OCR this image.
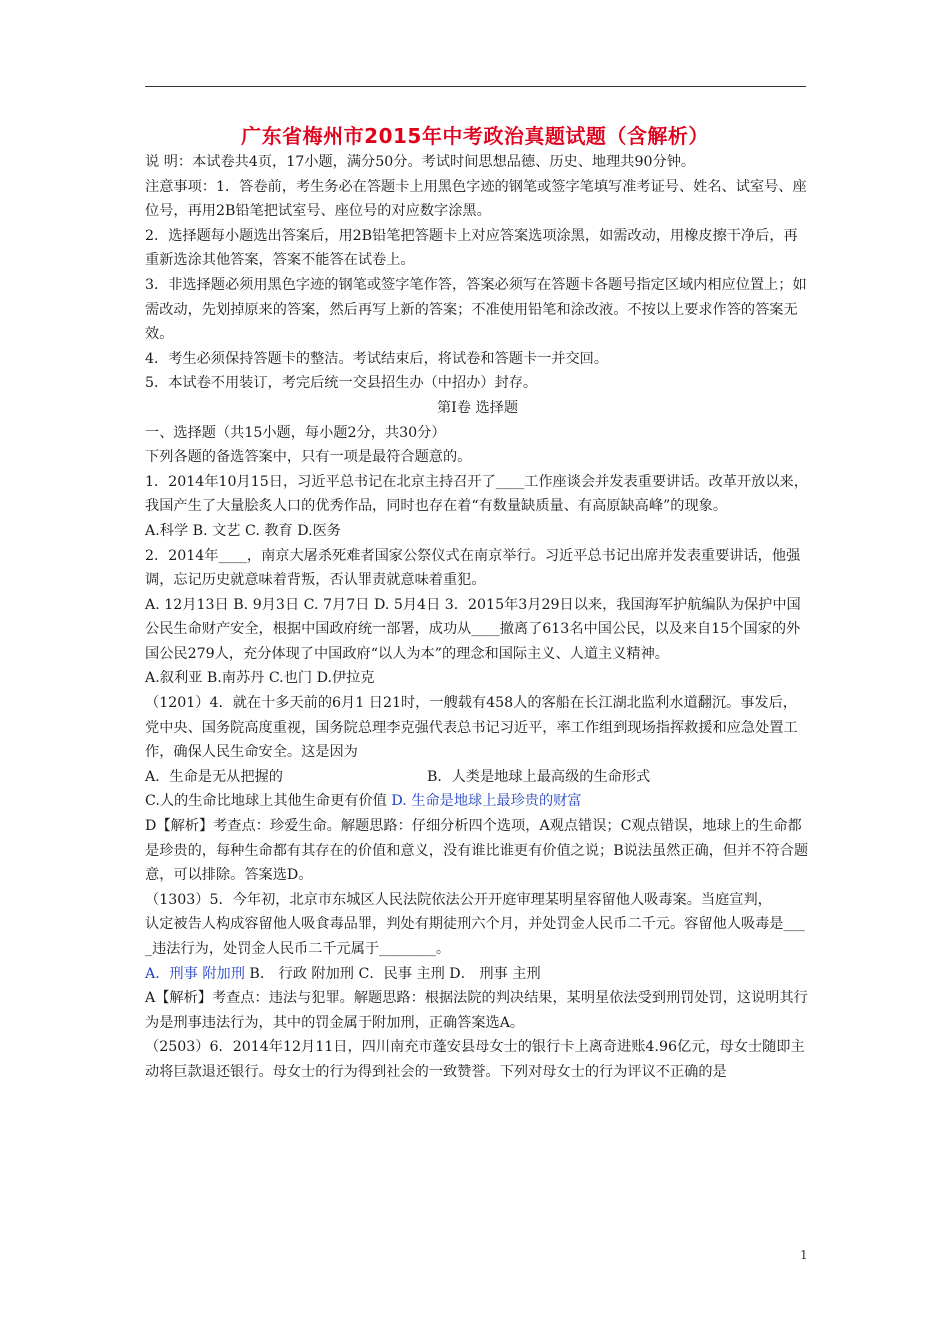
广东省梅州市2015年中考政治真题试题（含解析）

说 明：本试卷共4页，17小题，满分50分。考试时间思想品德、历史、地理共90分钟。

注意事项：1．答卷前，考生务必在答题卡上用黑色字迹的钢笔或签字笔填写准考证号、姓名、试室号、座位号，再用2B铅笔把试室号、座位号的对应数字涂黑。

2．选择题每小题选出答案后，用2B铅笔把答题卡上对应答案选项涂黑，如需改动，用橡皮擦干净后，再重新选涂其他答案，答案不能答在试卷上。

3．非选择题必须用黑色字迹的钢笔或签字笔作答，答案必须写在答题卡各题号指定区域内相应位置上；如需改动，先划掉原来的答案，然后再写上新的答案；不准使用铅笔和涂改液。不按以上要求作答的答案无效。

4．考生必须保持答题卡的整洁。考试结束后，将试卷和答题卡一并交回。

5．本试卷不用装订，考完后统一交县招生办（中招办）封存。

第Ⅰ卷 选择题

一、选择题（共15小题，每小题2分，共30分）

下列各题的备选答案中，只有一项是最符合题意的。

1．2014年10月15日，习近平总书记在北京主持召开了____工作座谈会并发表重要讲话。改革开放以来，我国产生了大量脍炙人口的优秀作品，同时也存在着“有数量缺质量、有高原缺高峰”的现象。

A.科学 B. 文艺 C. 教育 D.医务

2．2014年____，南京大屠杀死难者国家公祭仪式在南京举行。习近平总书记出席并发表重要讲话，他强调，忘记历史就意味着背叛，否认罪责就意味着重犯。

A. 12月13日 B. 9月3日 C. 7月7日 D. 5月4日 3．2015年3月29日以来，我国海军护航编队为保护中国公民生命财产安全，根据中国政府统一部署，成功从____撤离了613名中国公民，以及来自15个国家的外国公民279人，充分体现了中国政府“以人为本”的理念和国际主义、人道主义精神。

A.叙利亚 B.南苏丹 C.也门 D.伊拉克

（1201）4．就在十多天前的6月1 日21时，一艘载有458人的客船在长江湖北监利水道翻沉。事发后，党中央、国务院高度重视，国务院总理李克强代表总书记习近平，率工作组到现场指挥救援和应急处置工作，确保人民生命安全。这是因为

A．生命是无从把握的	B．人类是地球上最高级的生命形式

C.人的生命比地球上其他生命更有价值 D. 生命是地球上最珍贵的财富

D【解析】考查点：珍爱生命。解题思路：仔细分析四个选项，A观点错误；C观点错误，地球上的生命都是珍贵的，每种生命都有其存在的价值和意义，没有谁比谁更有价值之说；B说法虽然正确，但并不符合题意，可以排除。答案选D。

（1303）5．今年初，北京市东城区人民法院依法公开开庭审理某明星容留他人吸毒案。当庭宣判，

认定被告人构成容留他人吸食毒品罪，判处有期徒刑六个月，并处罚金人民币二千元。容留他人吸毒是____违法行为，处罚金人民币二千元属于________。

A．刑事 附加刑 B． 行政 附加刑 C．民事 主刑 D． 刑事 主刑

A【解析】考查点：违法与犯罪。解题思路：根据法院的判决结果，某明星依法受到刑罚处罚，这说明其行为是刑事违法行为，其中的罚金属于附加刑，正确答案选A。

（2503）6．2014年12月11日，四川南充市蓬安县母女士的银行卡上离奇进账4.96亿元，母女士随即主动将巨款退还银行。母女士的行为得到社会的一致赞誉。下列对母女士的行为评议不正确的是

1
